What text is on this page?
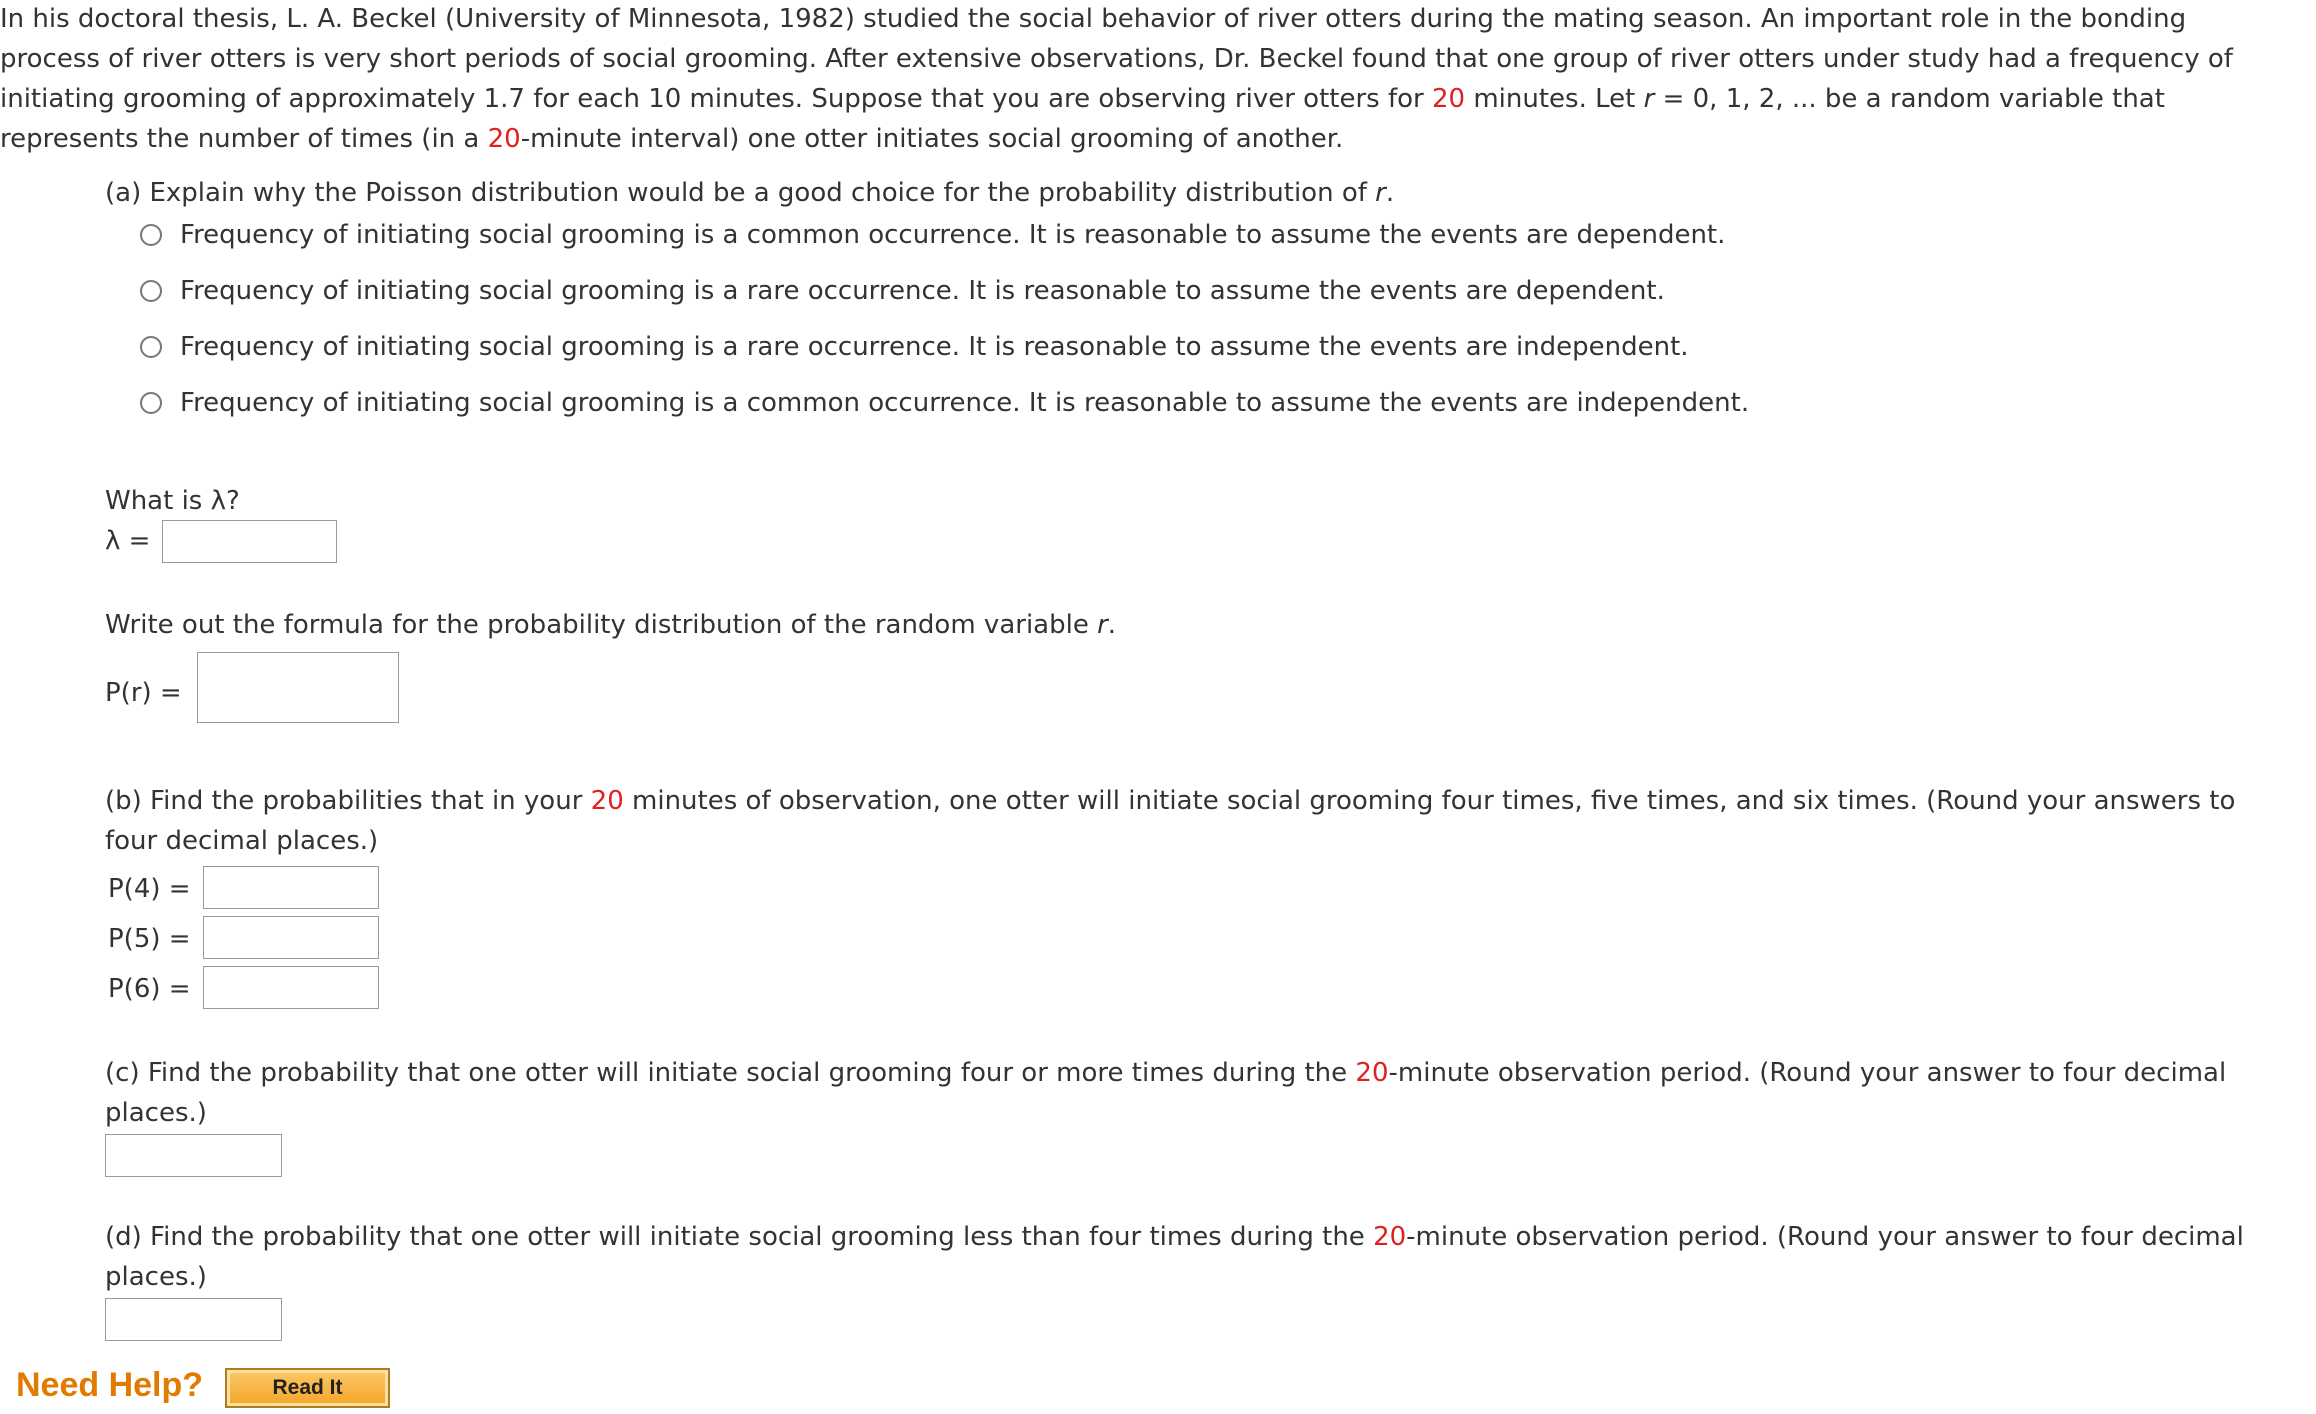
In his doctoral thesis, L. A. Beckel (University of Minnesota, 1982) studied the social behavior of river otters during the mating season. An important role in the bonding
process of river otters is very short periods of social grooming. After extensive observations, Dr. Beckel found that one group of river otters under study had a frequency of
initiating grooming of approximately 1.7 for each 10 minutes. Suppose that you are observing river otters for 20 minutes. Let r = 0, 1, 2, ... be a random variable that
represents the number of times (in a 20-minute interval) one otter initiates social grooming of another.
(a) Explain why the Poisson distribution would be a good choice for the probability distribution of r.
Frequency of initiating social grooming is a common occurrence. It is reasonable to assume the events are dependent.
Frequency of initiating social grooming is a rare occurrence. It is reasonable to assume the events are dependent.
Frequency of initiating social grooming is a rare occurrence. It is reasonable to assume the events are independent.
Frequency of initiating social grooming is a common occurrence. It is reasonable to assume the events are independent.
What is λ?
λ =
Write out the formula for the probability distribution of the random variable r.
P(r) =
(b) Find the probabilities that in your 20 minutes of observation, one otter will initiate social grooming four times, five times, and six times. (Round your answers to
four decimal places.)
P(4) =
P(5) =
P(6) =
(c) Find the probability that one otter will initiate social grooming four or more times during the 20-minute observation period. (Round your answer to four decimal
places.)
(d) Find the probability that one otter will initiate social grooming less than four times during the 20-minute observation period. (Round your answer to four decimal
places.)
Need Help?	Read It
